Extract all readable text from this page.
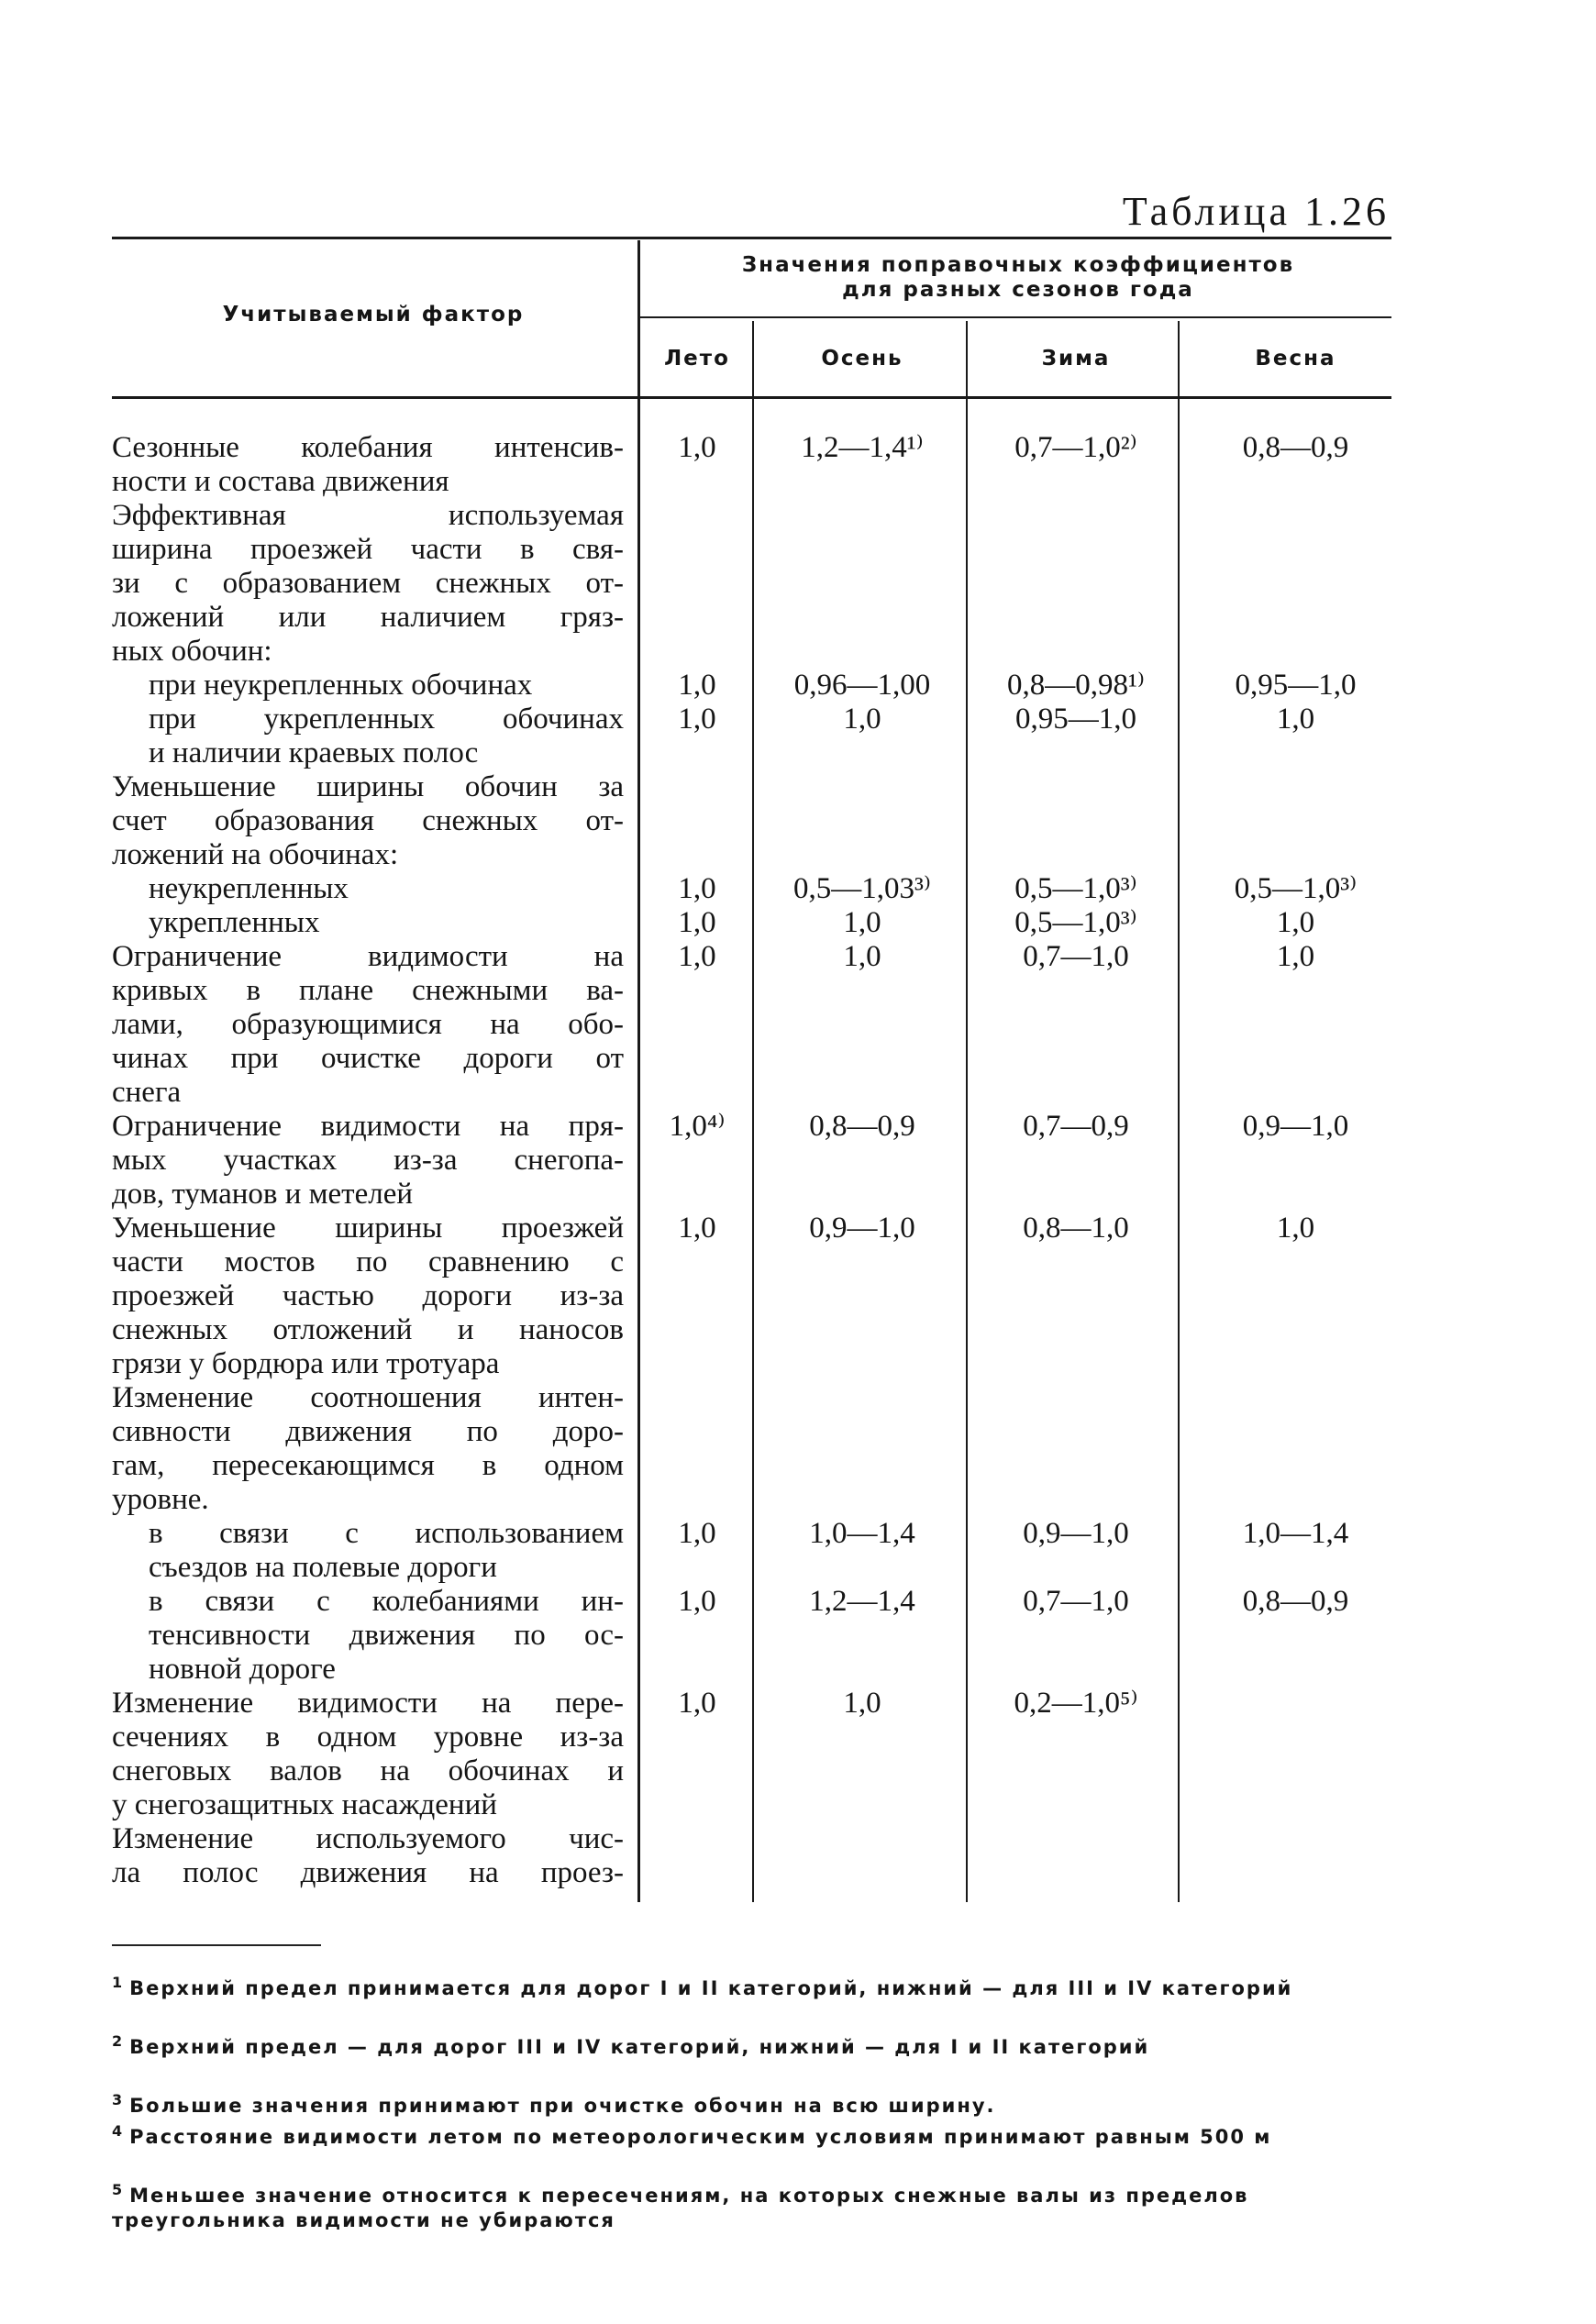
Таблица 1.26
Учитываемый фактор
Значения поправочных коэффициентов для разных сезонов года
Лето	Осень	Зима	Весна
Сезонные колебания интенсив-
ности и состава движения
1,0	1,2—1,4¹⁾	0,7—1,0²⁾	0,8—0,9
Эффективная используемая
ширина проезжей части в свя-
зи с образованием снежных от-
ложений или наличием гряз-
ных обочин:
при неукрепленных обочинах	1,0	0,96—1,00	0,8—0,98¹⁾	0,95—1,0
при укрепленных обочинах
и наличии краевых полос
1,0	1,0	0,95—1,0	1,0
Уменьшение ширины обочин за
счет образования снежных от-
ложений на обочинах:
неукрепленных	1,0	0,5—1,03³⁾	0,5—1,0³⁾	0,5—1,0³⁾
укрепленных	1,0	1,0	0,5—1,0³⁾	1,0
Ограничение видимости на
кривых в плане снежными ва-
лами, образующимися на обо-
чинах при очистке дороги от
снега
1,0	1,0	0,7—1,0	1,0
Ограничение видимости на пря-
мых участках из-за снегопа-
дов, туманов и метелей
1,0⁴⁾	0,8—0,9	0,7—0,9	0,9—1,0
Уменьшение ширины проезжей
части мостов по сравнению с
проезжей частью дороги из-за
снежных отложений и наносов
грязи у бордюра или тротуара
1,0	0,9—1,0	0,8—1,0	1,0
Изменение соотношения интен-
сивности движения по доро-
гам, пересекающимся в одном
уровне.
в связи с использованием
съездов на полевые дороги
1,0	1,0—1,4	0,9—1,0	1,0—1,4
в связи с колебаниями ин-
тенсивности движения по ос-
новной дороге
1,0	1,2—1,4	0,7—1,0	0,8—0,9
Изменение видимости на пере-
сечениях в одном уровне из-за
снеговых валов на обочинах и
у снегозащитных насаждений
1,0	1,0	0,2—1,0⁵⁾
Изменение используемого чис-
ла полос движения на проез-
$^1$ Верхний предел принимается для дорог I и II категорий, нижний — для III и IV категорий
$^2$ Верхний предел — для дорог III и IV категорий, нижний — для I и II категорий
$^3$ Большие значения принимают при очистке обочин на всю ширину.
$^4$ Расстояние видимости летом по метеорологическим условиям принимают равным 500 м
$^5$ Меньшее значение относится к пересечениям, на которых снежные валы из пределов треугольника видимости не убираются
